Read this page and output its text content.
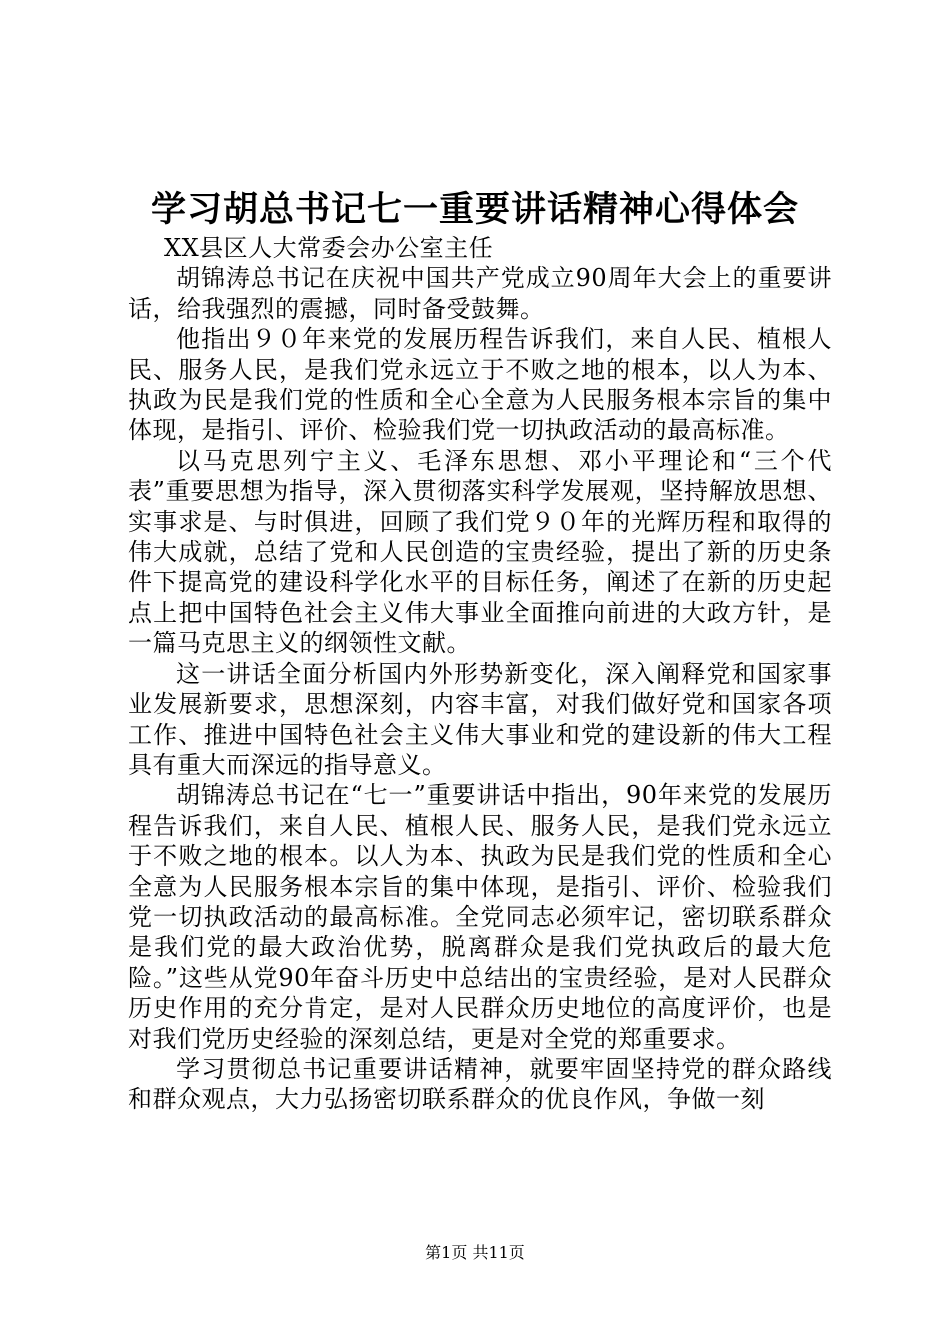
学习胡总书记七一重要讲话精神心得体会

XX县区人大常委会办公室主任

胡锦涛总书记在庆祝中国共产党成立90周年大会上的重要讲话，给我强烈的震撼，同时备受鼓舞。

他指出９０年来党的发展历程告诉我们，来自人民、植根人民、服务人民，是我们党永远立于不败之地的根本，以人为本、执政为民是我们党的性质和全心全意为人民服务根本宗旨的集中体现，是指引、评价、检验我们党一切执政活动的最高标准。

以马克思列宁主义、毛泽东思想、邓小平理论和“三个代表”重要思想为指导，深入贯彻落实科学发展观，坚持解放思想、实事求是、与时俱进，回顾了我们党９０年的光辉历程和取得的伟大成就，总结了党和人民创造的宝贵经验，提出了新的历史条件下提高党的建设科学化水平的目标任务，阐述了在新的历史起点上把中国特色社会主义伟大事业全面推向前进的大政方针，是一篇马克思主义的纲领性文献。

这一讲话全面分析国内外形势新变化，深入阐释党和国家事业发展新要求，思想深刻，内容丰富，对我们做好党和国家各项工作、推进中国特色社会主义伟大事业和党的建设新的伟大工程具有重大而深远的指导意义。

胡锦涛总书记在“七一”重要讲话中指出，90年来党的发展历程告诉我们，来自人民、植根人民、服务人民，是我们党永远立于不败之地的根本。以人为本、执政为民是我们党的性质和全心全意为人民服务根本宗旨的集中体现，是指引、评价、检验我们党一切执政活动的最高标准。全党同志必须牢记，密切联系群众是我们党的最大政治优势，脱离群众是我们党执政后的最大危险。”这些从党90年奋斗历史中总结出的宝贵经验，是对人民群众历史作用的充分肯定，是对人民群众历史地位的高度评价，也是对我们党历史经验的深刻总结，更是对全党的郑重要求。

学习贯彻总书记重要讲话精神，就要牢固坚持党的群众路线和群众观点，大力弘扬密切联系群众的优良作风，争做一刻

第1页 共11页
